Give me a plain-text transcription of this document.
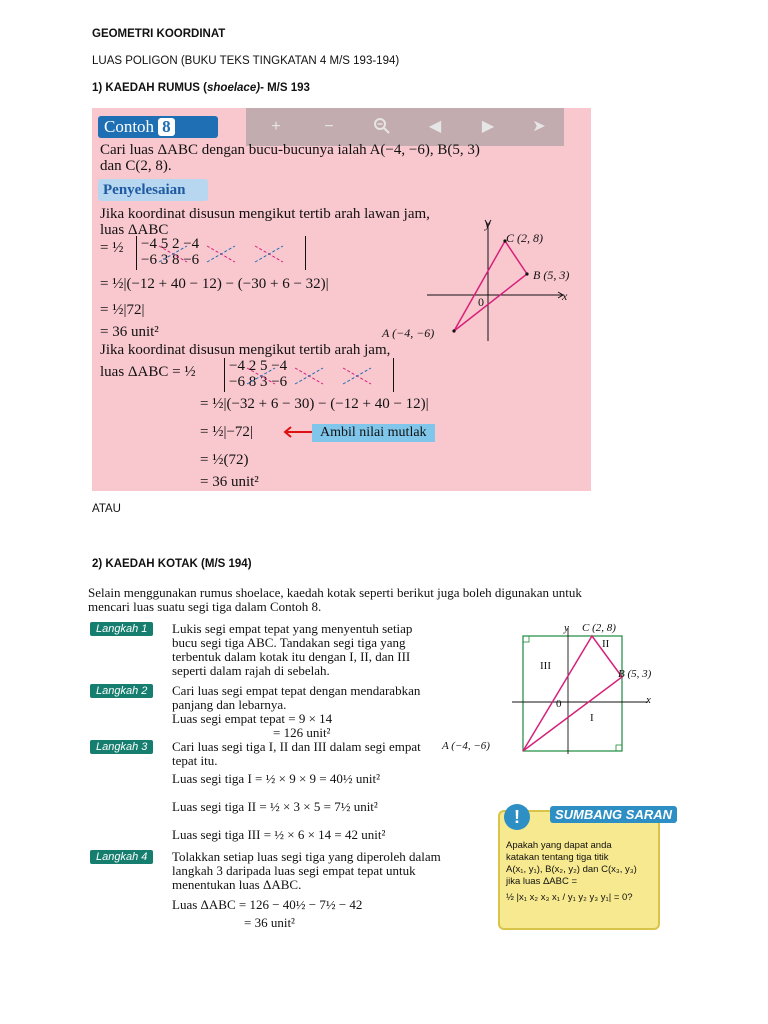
GEOMETRI KOORDINAT
LUAS POLIGON (BUKU TEKS TINGKATAN 4 M/S 193-194)
1) KAEDAH RUMUS (shoelace)- M/S 193
Contoh 8	+	−	◀	▶ ➤
Cari luas ΔABC dengan bucu-bucunya ialah A(−4, −6), B(5, 3)
dan C(2, 8).
Penyelesaian
Jika koordinat disusun mengikut tertib arah lawan jam,
luas ΔABC
= ½ −4 5 2 −4
−6 3 8 −6
= ½|(−12 + 40 − 12) − (−30 + 6 − 32)|
= ½|72|
= 36 unit²
Jika koordinat disusun mengikut tertib arah jam,
luas ΔABC = ½ −4 2 5 −4
−6 8 3 −6
= ½|(−32 + 6 − 30) − (−12 + 40 − 12)|
= ½|−72|	Ambil nilai mutlak
= ½(72)
= 36 unit²
y
x
0
C (2, 8)
B (5, 3)
A (−4, −6)
ATAU
2) KAEDAH KOTAK (M/S 194)
Selain menggunakan rumus shoelace, kaedah kotak seperti berikut juga boleh digunakan untuk
mencari luas suatu segi tiga dalam Contoh 8.
Langkah 1	Lukis segi empat tepat yang menyentuh setiap
bucu segi tiga ABC. Tandakan segi tiga yang
terbentuk dalam kotak itu dengan I, II, dan III
seperti dalam rajah di sebelah.
Langkah 2	Cari luas segi empat tepat dengan mendarabkan
panjang dan lebarnya.
Luas segi empat tepat = 9 × 14
= 126 unit²
Langkah 3	Cari luas segi tiga I, II dan III dalam segi empat
tepat itu.
Luas segi tiga I = ½ × 9 × 9 = 40½ unit²
Luas segi tiga II = ½ × 3 × 5 = 7½ unit²
Luas segi tiga III = ½ × 6 × 14 = 42 unit²
Langkah 4	Tolakkan setiap luas segi tiga yang diperoleh dalam
langkah 3 daripada luas segi empat tepat untuk
menentukan luas ΔABC.
Luas ΔABC = 126 − 40½ − 7½ − 42
= 36 unit²
y
x
0
C (2, 8)
B (5, 3)
A (−4, −6)
I
II
III
!	SUMBANG SARAN
Apakah yang dapat anda
katakan tentang tiga titik
A(x₁, y₁), B(x₂, y₂) dan C(x₃, y₃)
jika luas ΔABC =
½ |x₁ x₂ x₃ x₁ / y₁ y₂ y₃ y₁| = 0?
